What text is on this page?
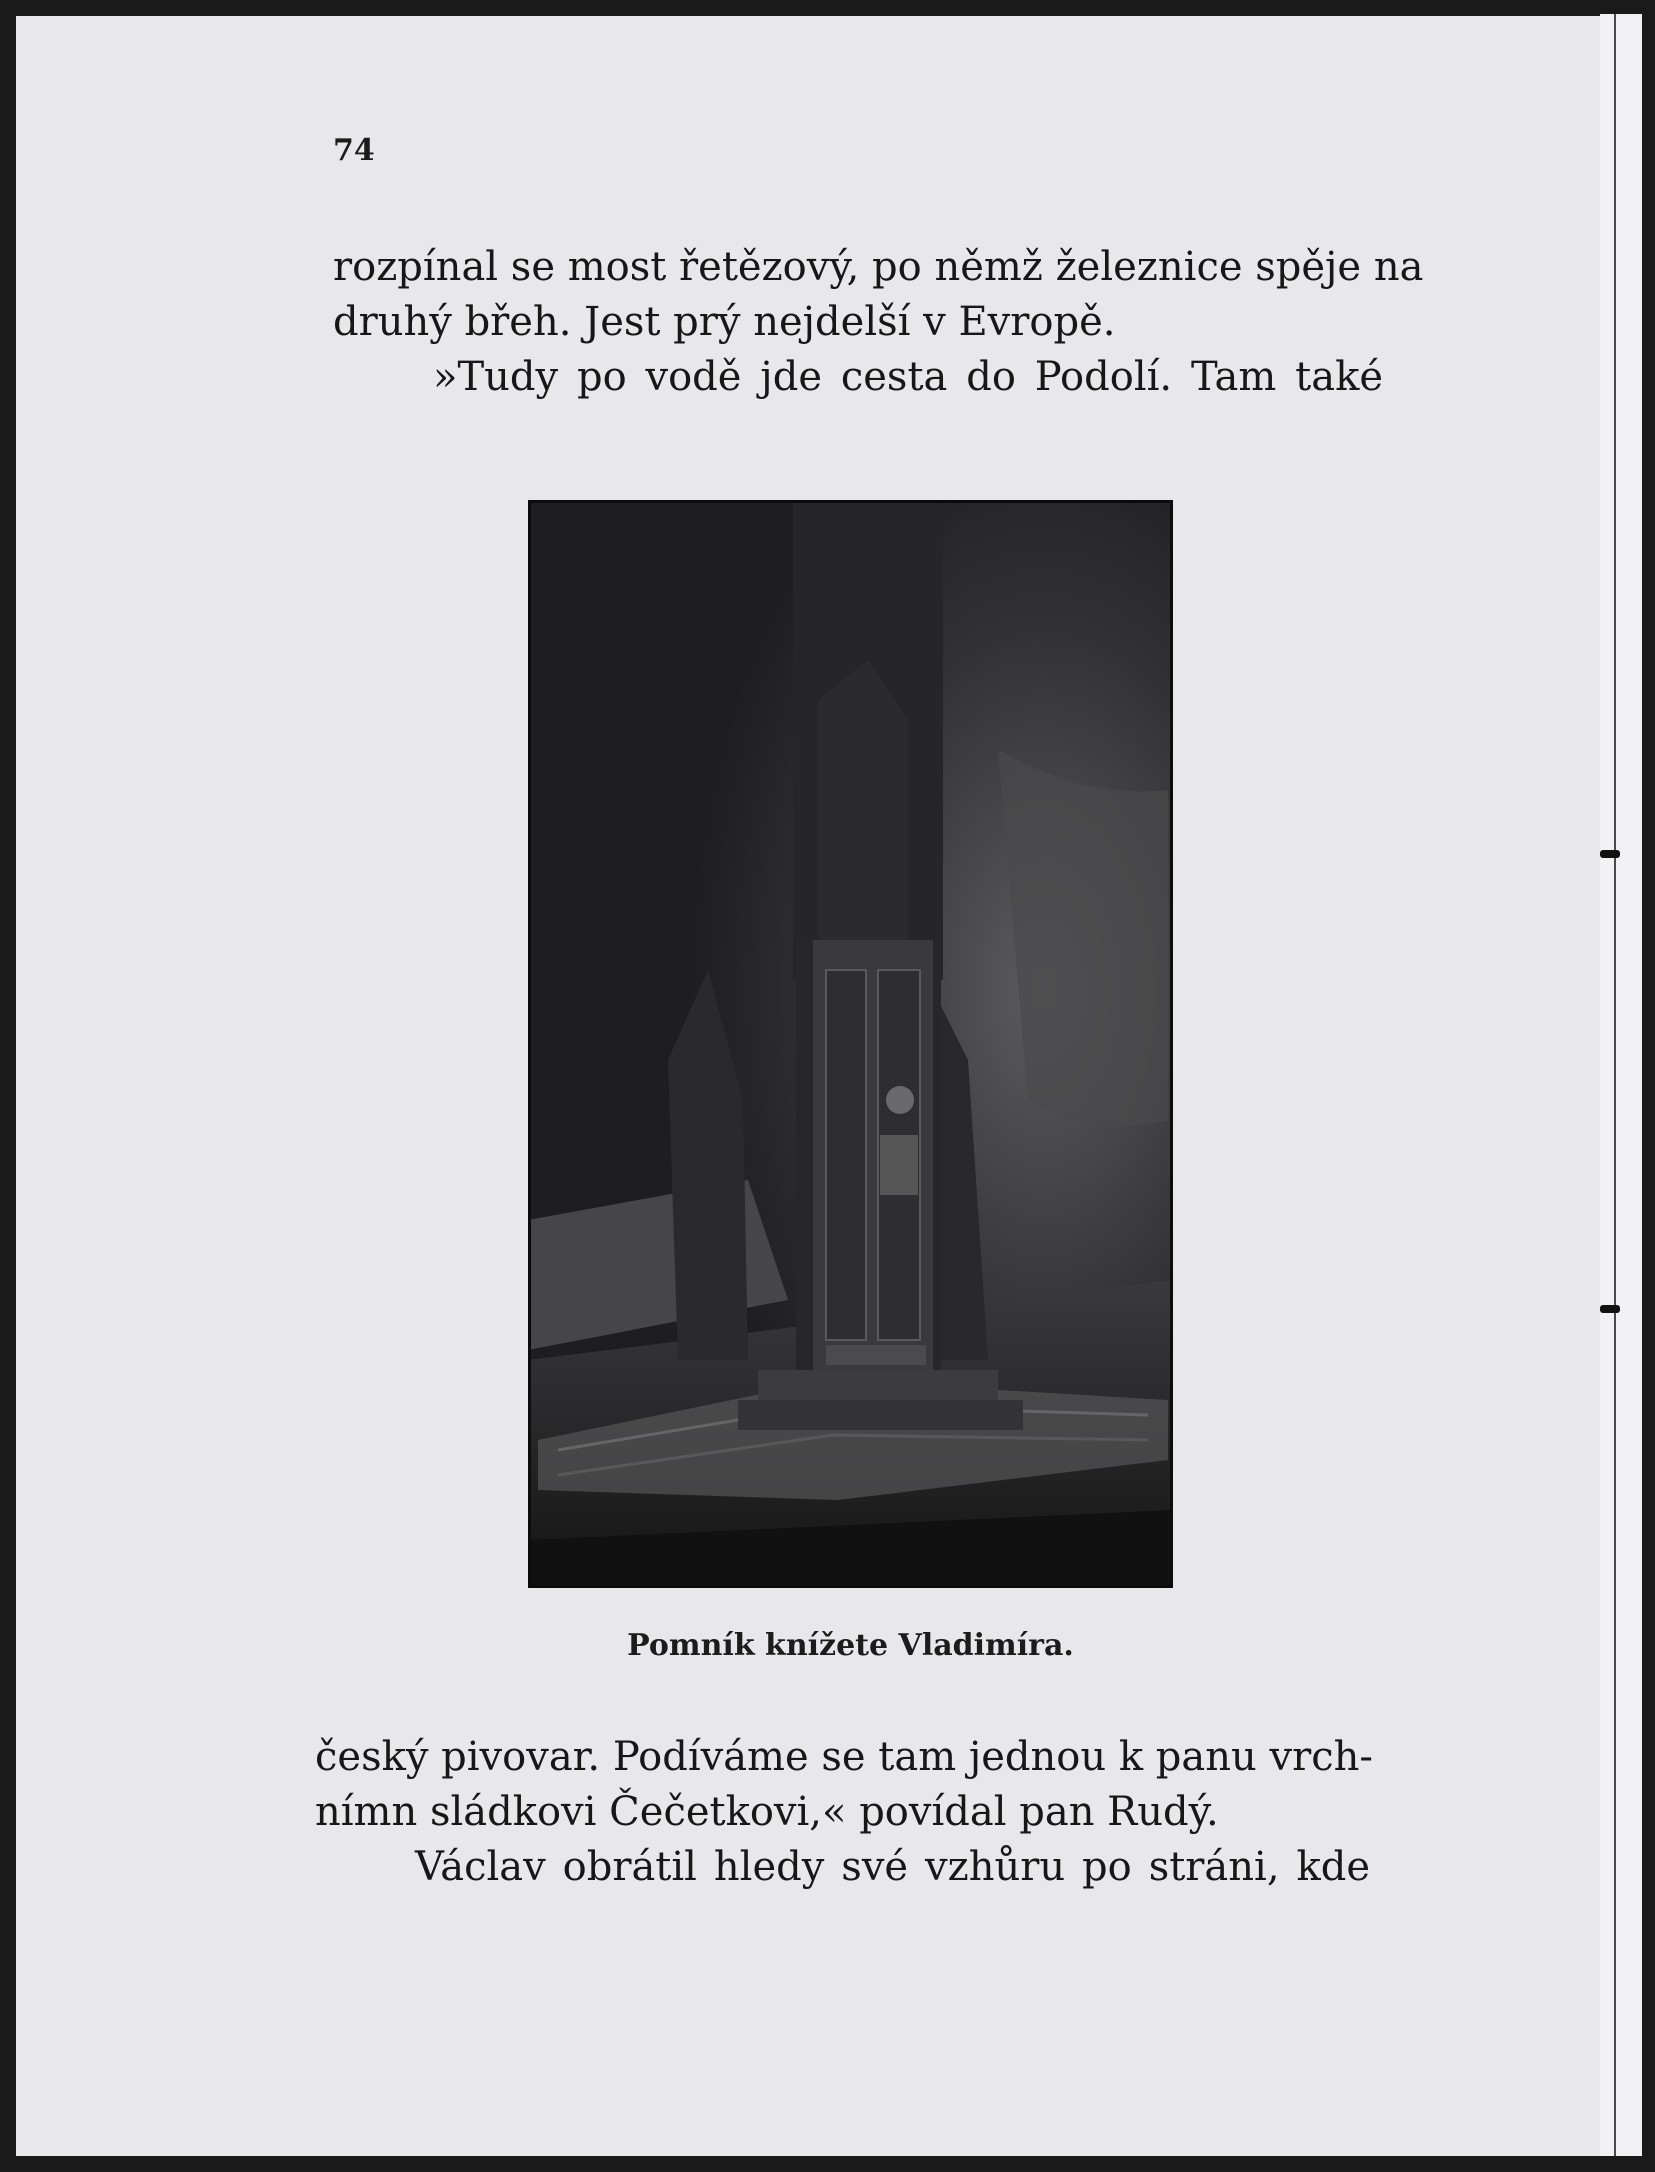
74

rozpínal se most řetězový, po němž železnice spěje na
druhý břeh. Jest prý nejdelší v Evropě.
»Tudy po vodě jde cesta do Podolí. Tam také

Pomník knížete Vladimíra.

český pivovar. Podíváme se tam jednou k panu vrch-
nímn sládkovi Čečetkovi,« povídal pan Rudý.
Václav obrátil hledy své vzhůru po stráni, kde
